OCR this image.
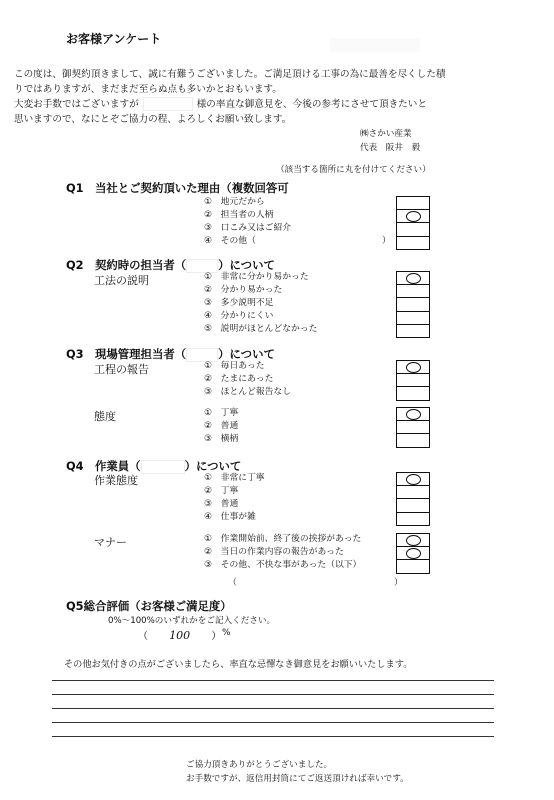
お客様アンケート
この度は、御契約頂きまして、誠に有難うございました。ご満足頂ける工事の為に最善を尽くした積
りではありますが、まだまだ至らぬ点も多いかとおもいます。
大変お手数ではございますが	様の率直な御意見を、今後の参考にさせて頂きたいと
思いますので、なにとぞご協力の程、よろしくお願い致します。
㈱さかい産業
代表　阪井　毅
（該当する箇所に丸を付けてください）
Q1　当社とご契約頂いた理由（複数回答可
①　地元だから
②　担当者の人柄
③　口こみ又はご紹介
④　その他（	）
Q2　契約時の担当者（	）について
工法の説明	①　非常に分かり易かった
②　分かり易かった
③　多少説明不足
④　分かりにくい
⑤　説明がほとんどなかった
Q3　現場管理担当者（	）について
工程の報告	①　毎日あった
②　たまにあった
③　ほとんど報告なし
態度	①　丁寧
②　普通
③　横柄
Q4　作業員（	）について
作業態度	①　非常に丁寧
②　丁寧
③　普通
④　仕事が雑
マナー	①　作業開始前、終了後の挨拶があった
②　当日の作業内容の報告があった
③　その他、不快な事があった（以下）
（	）
Q5総合評価（お客様ご満足度）
0%～100%のいずれかをご記入ください。
（ 100 ） %
その他お気付きの点がございましたら、率直な忌憚なき御意見をお願いいたします。
ご協力頂きありがとうございました。
お手数ですが、返信用封筒にてご返送頂ければ幸いです。
